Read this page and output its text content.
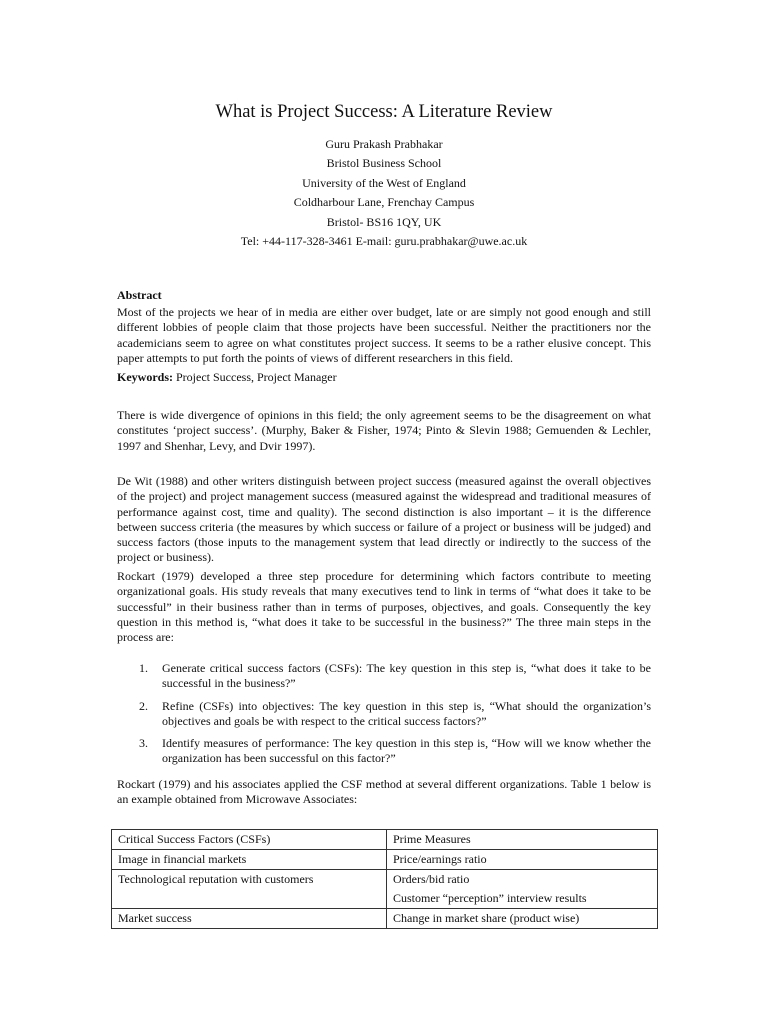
What is Project Success: A Literature Review
Guru Prakash Prabhakar
Bristol Business School
University of the West of England
Coldharbour Lane, Frenchay Campus
Bristol- BS16 1QY, UK
Tel: +44-117-328-3461 E-mail: guru.prabhakar@uwe.ac.uk
Abstract
Most of the projects we hear of in media are either over budget, late or are simply not good enough and still different lobbies of people claim that those projects have been successful. Neither the practitioners nor the academicians seem to agree on what constitutes project success. It seems to be a rather elusive concept. This paper attempts to put forth the points of views of different researchers in this field.
Keywords: Project Success, Project Manager
There is wide divergence of opinions in this field; the only agreement seems to be the disagreement on what constitutes ‘project success’. (Murphy, Baker & Fisher, 1974; Pinto & Slevin 1988; Gemuenden & Lechler, 1997 and Shenhar, Levy, and Dvir 1997).
De Wit (1988) and other writers distinguish between project success (measured against the overall objectives of the project) and project management success (measured against the widespread and traditional measures of performance against cost, time and quality). The second distinction is also important – it is the difference between success criteria (the measures by which success or failure of a project or business will be judged) and success factors (those inputs to the management system that lead directly or indirectly to the success of the project or business).
Rockart (1979) developed a three step procedure for determining which factors contribute to meeting organizational goals. His study reveals that many executives tend to link in terms of “what does it take to be successful” in their business rather than in terms of purposes, objectives, and goals. Consequently the key question in this method is, “what does it take to be successful in the business?” The three main steps in the process are:
1. Generate critical success factors (CSFs): The key question in this step is, “what does it take to be successful in the business?”
2. Refine (CSFs) into objectives: The key question in this step is, “What should the organization’s objectives and goals be with respect to the critical success factors?”
3. Identify measures of performance: The key question in this step is, “How will we know whether the organization has been successful on this factor?”
Rockart (1979) and his associates applied the CSF method at several different organizations. Table 1 below is an example obtained from Microwave Associates:
Critical Success Factors (CSFs)	Prime Measures
Image in financial markets	Price/earnings ratio

Technological reputation with customers	Orders/bid ratio
Customer “perception” interview results

Market success	Change in market share (product wise)
